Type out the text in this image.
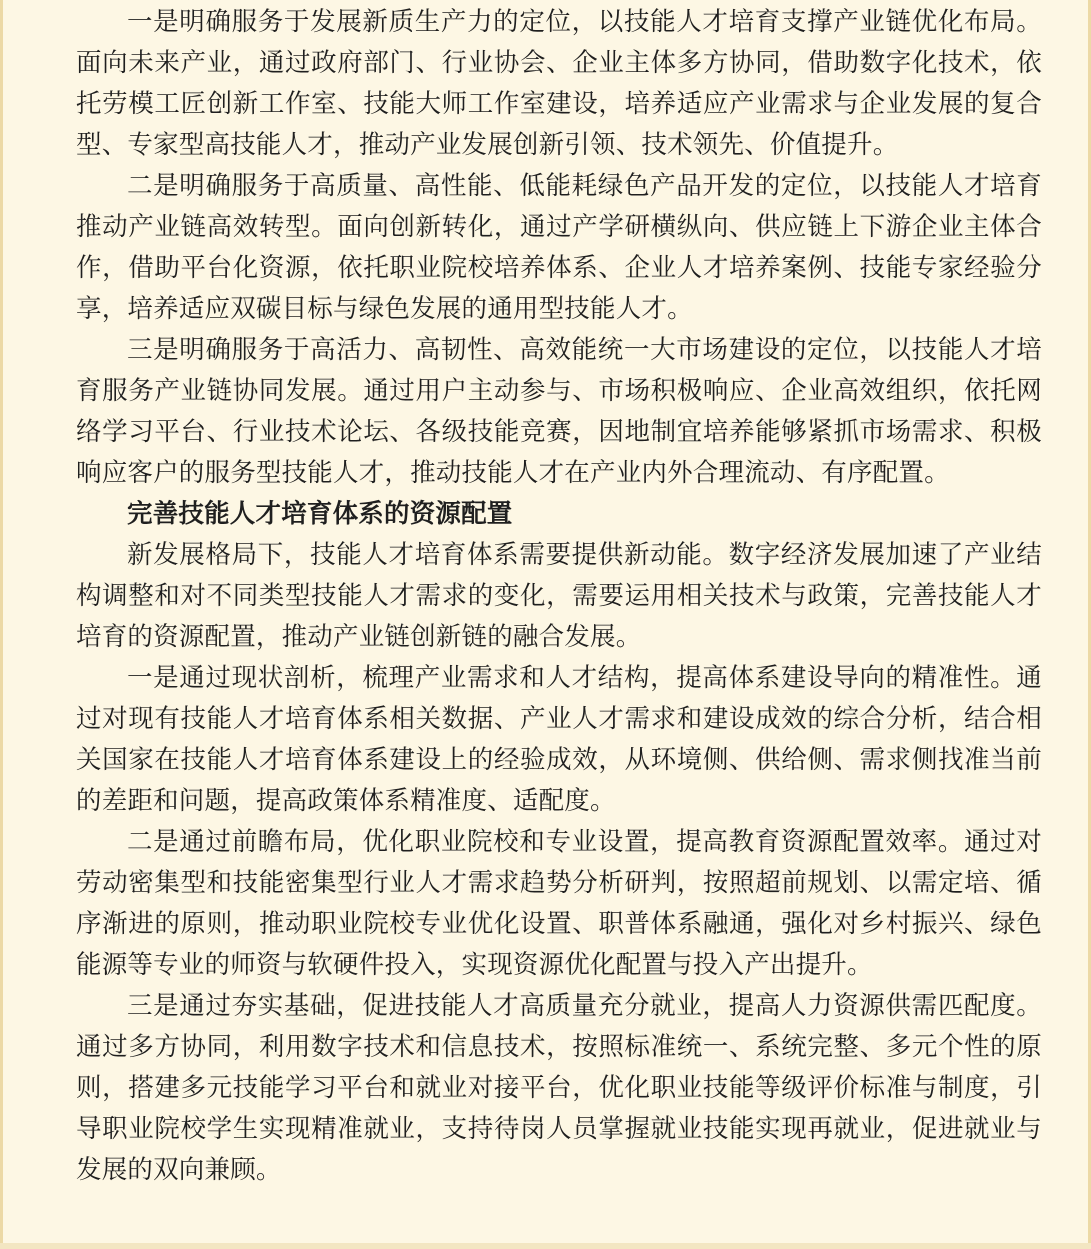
一是明确服务于发展新质生产力的定位，以技能人才培育支撑产业链优化布局。面向未来产业，通过政府部门、行业协会、企业主体多方协同，借助数字化技术，依托劳模工匠创新工作室、技能大师工作室建设，培养适应产业需求与企业发展的复合型、专家型高技能人才，推动产业发展创新引领、技术领先、价值提升。

二是明确服务于高质量、高性能、低能耗绿色产品开发的定位，以技能人才培育推动产业链高效转型。面向创新转化，通过产学研横纵向、供应链上下游企业主体合作，借助平台化资源，依托职业院校培养体系、企业人才培养案例、技能专家经验分享，培养适应双碳目标与绿色发展的通用型技能人才。

三是明确服务于高活力、高韧性、高效能统一大市场建设的定位，以技能人才培育服务产业链协同发展。通过用户主动参与、市场积极响应、企业高效组织，依托网络学习平台、行业技术论坛、各级技能竞赛，因地制宜培养能够紧抓市场需求、积极响应客户的服务型技能人才，推动技能人才在产业内外合理流动、有序配置。

完善技能人才培育体系的资源配置

新发展格局下，技能人才培育体系需要提供新动能。数字经济发展加速了产业结构调整和对不同类型技能人才需求的变化，需要运用相关技术与政策，完善技能人才培育的资源配置，推动产业链创新链的融合发展。

一是通过现状剖析，梳理产业需求和人才结构，提高体系建设导向的精准性。通过对现有技能人才培育体系相关数据、产业人才需求和建设成效的综合分析，结合相关国家在技能人才培育体系建设上的经验成效，从环境侧、供给侧、需求侧找准当前的差距和问题，提高政策体系精准度、适配度。

二是通过前瞻布局，优化职业院校和专业设置，提高教育资源配置效率。通过对劳动密集型和技能密集型行业人才需求趋势分析研判，按照超前规划、以需定培、循序渐进的原则，推动职业院校专业优化设置、职普体系融通，强化对乡村振兴、绿色能源等专业的师资与软硬件投入，实现资源优化配置与投入产出提升。

三是通过夯实基础，促进技能人才高质量充分就业，提高人力资源供需匹配度。通过多方协同，利用数字技术和信息技术，按照标准统一、系统完整、多元个性的原则，搭建多元技能学习平台和就业对接平台，优化职业技能等级评价标准与制度，引导职业院校学生实现精准就业，支持待岗人员掌握就业技能实现再就业，促进就业与发展的双向兼顾。
